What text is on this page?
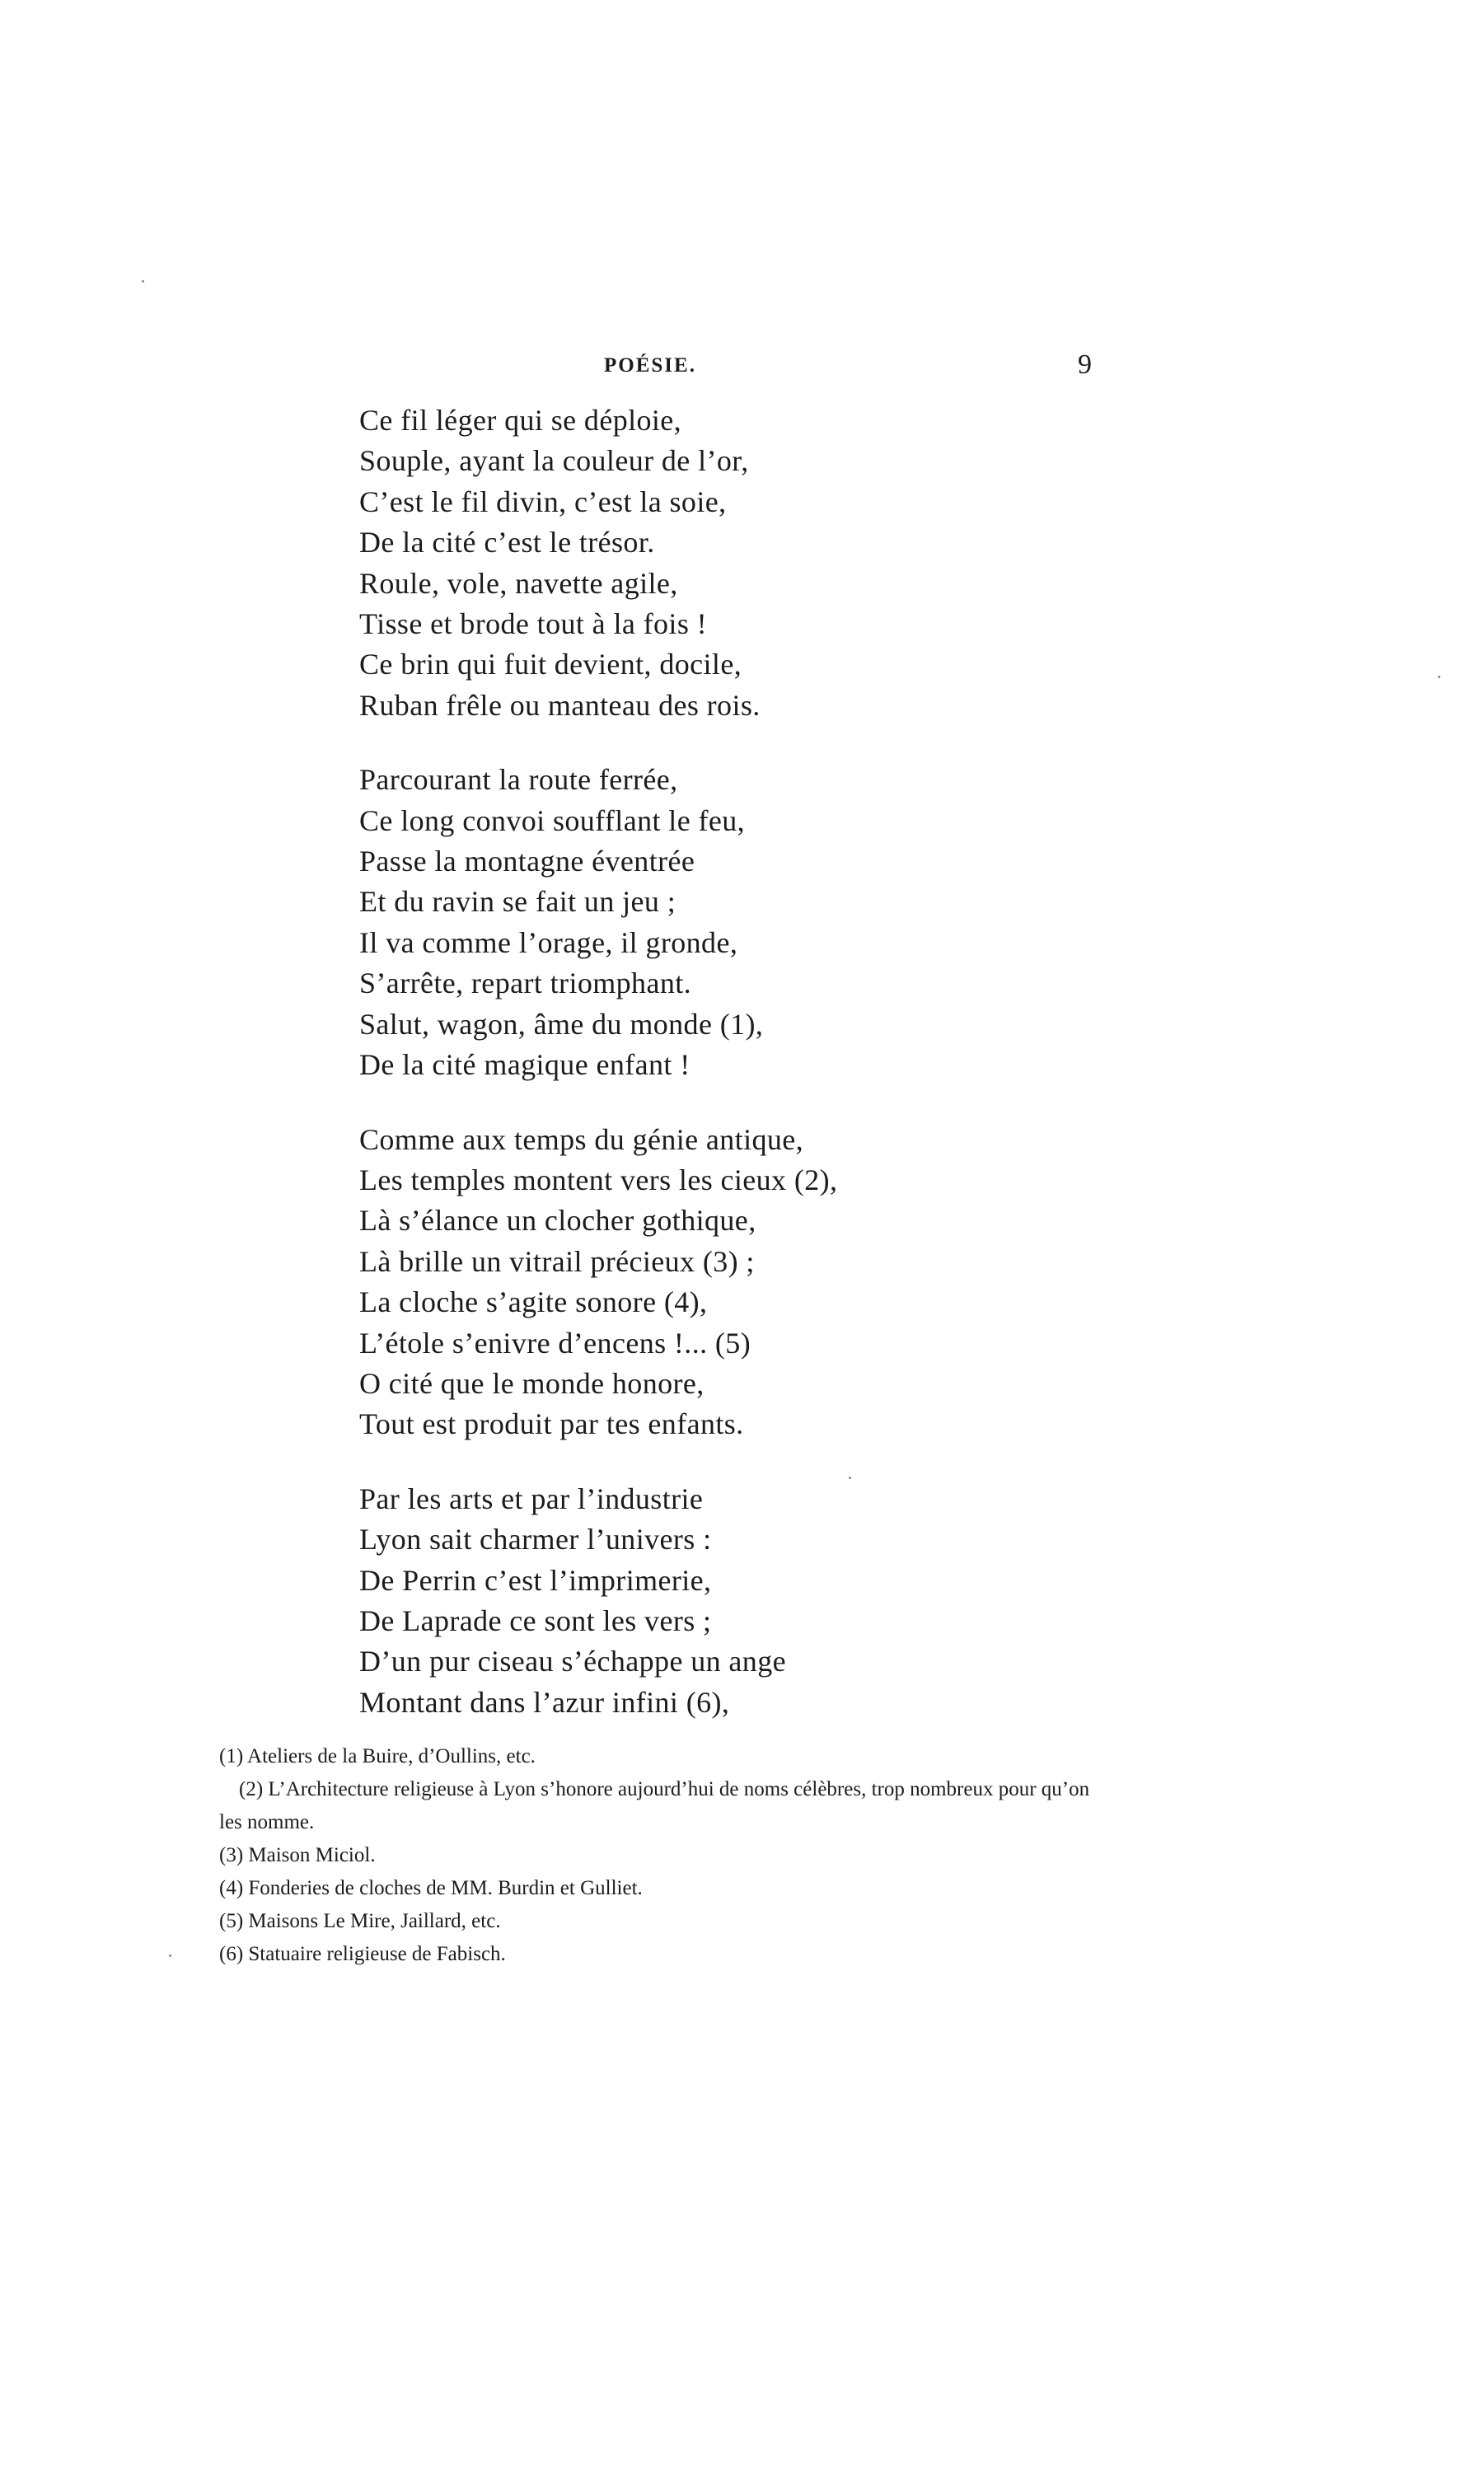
POÉSIE.	9
Ce fil léger qui se déploie,
Souple, ayant la couleur de l’or,
C’est le fil divin, c’est la soie,
De la cité c’est le trésor.
Roule, vole, navette agile,
Tisse et brode tout à la fois !
Ce brin qui fuit devient, docile,
Ruban frêle ou manteau des rois.
Parcourant la route ferrée,
Ce long convoi soufflant le feu,
Passe la montagne éventrée
Et du ravin se fait un jeu ;
Il va comme l’orage, il gronde,
S’arrête, repart triomphant.
Salut, wagon, âme du monde (1),
De la cité magique enfant !
Comme aux temps du génie antique,
Les temples montent vers les cieux (2),
Là s’élance un clocher gothique,
Là brille un vitrail précieux (3) ;
La cloche s’agite sonore (4),
L’étole s’enivre d’encens !... (5)
O cité que le monde honore,
Tout est produit par tes enfants.
Par les arts et par l’industrie
Lyon sait charmer l’univers :
De Perrin c’est l’imprimerie,
De Laprade ce sont les vers ;
D’un pur ciseau s’échappe un ange
Montant dans l’azur infini (6),
(1) Ateliers de la Buire, d’Oullins, etc.
(2) L’Architecture religieuse à Lyon s’honore aujourd’hui de noms célèbres, trop nombreux pour qu’on les nomme.
(3) Maison Miciol.
(4) Fonderies de cloches de MM. Burdin et Gulliet.
(5) Maisons Le Mire, Jaillard, etc.
(6) Statuaire religieuse de Fabisch.
